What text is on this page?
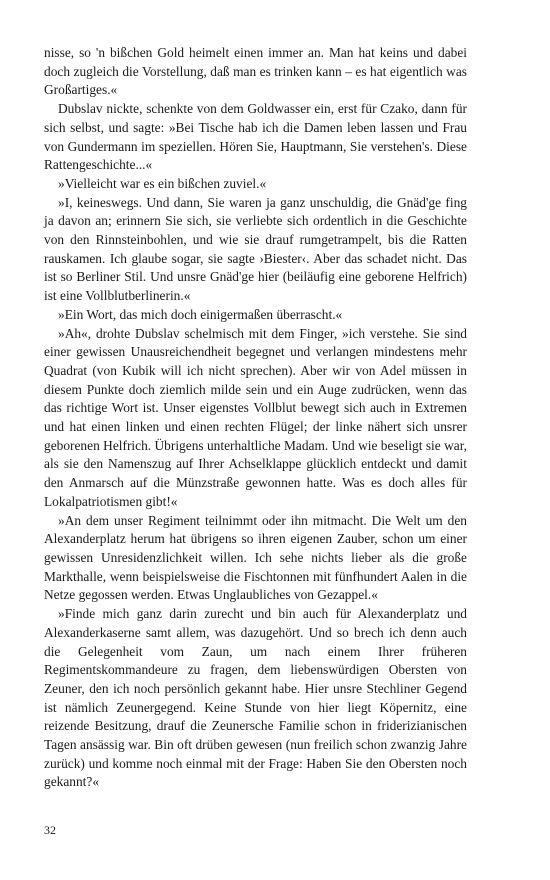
nisse, so 'n bißchen Gold heimelt einen immer an. Man hat keins und dabei doch zugleich die Vorstellung, daß man es trinken kann – es hat eigentlich was Großartiges.«

Dubslav nickte, schenkte von dem Goldwasser ein, erst für Czako, dann für sich selbst, und sagte: »Bei Tische hab ich die Damen leben lassen und Frau von Gundermann im speziellen. Hören Sie, Hauptmann, Sie verstehen's. Diese Rattengeschichte...«

»Vielleicht war es ein bißchen zuviel.«

»I, keineswegs. Und dann, Sie waren ja ganz unschuldig, die Gnäd'ge fing ja davon an; erinnern Sie sich, sie verliebte sich ordentlich in die Geschichte von den Rinnsteinbohlen, und wie sie drauf rumgetrampelt, bis die Ratten rauskamen. Ich glaube sogar, sie sagte ›Biester‹. Aber das schadet nicht. Das ist so Berliner Stil. Und unsre Gnäd'ge hier (beiläufig eine geborene Helfrich) ist eine Vollblutberlinerin.«

»Ein Wort, das mich doch einigermaßen überrascht.«

»Ah«, drohte Dubslav schelmisch mit dem Finger, »ich verstehe. Sie sind einer gewissen Unausreichendheit begegnet und verlangen mindestens mehr Quadrat (von Kubik will ich nicht sprechen). Aber wir von Adel müssen in diesem Punkte doch ziemlich milde sein und ein Auge zudrücken, wenn das das richtige Wort ist. Unser eigenstes Vollblut bewegt sich auch in Extremen und hat einen linken und einen rechten Flügel; der linke nähert sich unsrer geborenen Helfrich. Übrigens unterhaltliche Madam. Und wie beseligt sie war, als sie den Namenszug auf Ihrer Achselklappe glücklich entdeckt und damit den Anmarsch auf die Münzstraße gewonnen hatte. Was es doch alles für Lokalpatriotismen gibt!«

»An dem unser Regiment teilnimmt oder ihn mitmacht. Die Welt um den Alexanderplatz herum hat übrigens so ihren eigenen Zauber, schon um einer gewissen Unresidenzlichkeit willen. Ich sehe nichts lieber als die große Markthalle, wenn beispielsweise die Fischtonnen mit fünfhundert Aalen in die Netze gegossen werden. Etwas Unglaubliches von Gezappel.«

»Finde mich ganz darin zurecht und bin auch für Alexanderplatz und Alexanderkaserne samt allem, was dazugehört. Und so brech ich denn auch die Gelegenheit vom Zaun, um nach einem Ihrer früheren Regimentskommandeure zu fragen, dem liebenswürdigen Obersten von Zeuner, den ich noch persönlich gekannt habe. Hier unsre Stechliner Gegend ist nämlich Zeunergegend. Keine Stunde von hier liegt Köpernitz, eine reizende Besitzung, drauf die Zeunersche Familie schon in friderizianischen Tagen ansässig war. Bin oft drüben gewesen (nun freilich schon zwanzig Jahre zurück) und komme noch einmal mit der Frage: Haben Sie den Obersten noch gekannt?«

32
